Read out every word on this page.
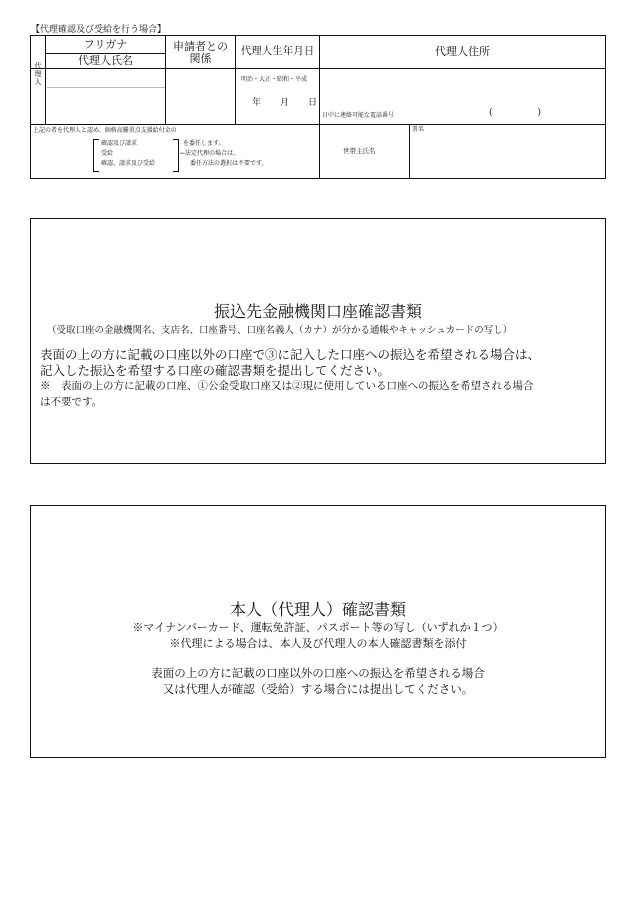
【代理確認及び受給を行う場合】
代理人
フリガナ
代理人氏名
申請者との
関係
代理人生年月日	代理人住所
明治・大正・昭和・平成
年 月 日
日中に連絡可能な電話番号	(　　　　　)
上記の者を代理人と認め、価格高騰重点支援給付金の
確認及び請求
受給
確認、請求及び受給
を委任します。
←法定代理の場合は、
委任方法の選択は不要です。
世帯主氏名
署名
振込先金融機関口座確認書類
（受取口座の金融機関名、支店名、口座番号、口座名義人（カナ）が分かる通帳やキャッシュカードの写し）
表面の上の方に記載の口座以外の口座で③に記入した口座への振込を希望される場合は、
記入した振込を希望する口座の確認書類を提出してください。
※　表面の上の方に記載の口座、①公金受取口座又は②現に使用している口座への振込を希望される場合
は不要です。
本人（代理人）確認書類
※マイナンバーカード、運転免許証、パスポート等の写し（いずれか１つ）
※代理による場合は、本人及び代理人の本人確認書類を添付
表面の上の方に記載の口座以外の口座への振込を希望される場合
又は代理人が確認（受給）する場合には提出してください。
